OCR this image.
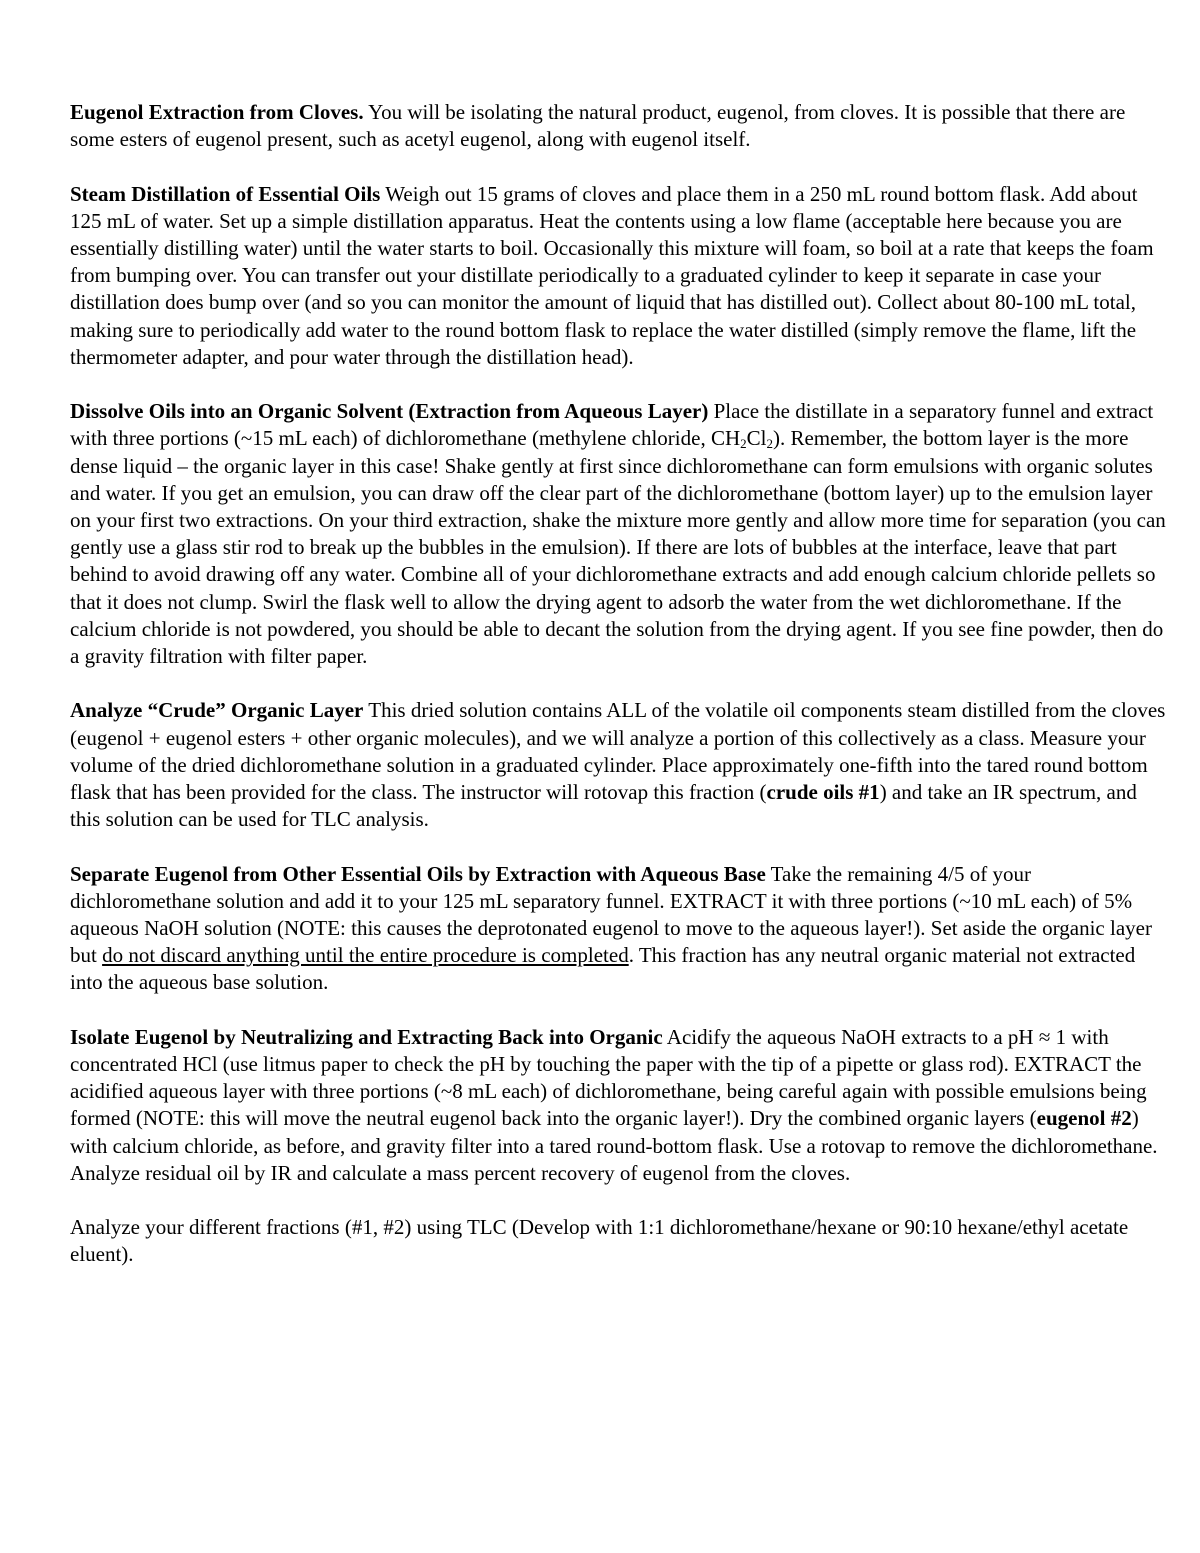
Eugenol Extraction from Cloves. You will be isolating the natural product, eugenol, from cloves. It is possible that there are some esters of eugenol present, such as acetyl eugenol, along with eugenol itself.

Steam Distillation of Essential Oils Weigh out 15 grams of cloves and place them in a 250 mL round bottom flask. Add about 125 mL of water. Set up a simple distillation apparatus. Heat the contents using a low flame (acceptable here because you are essentially distilling water) until the water starts to boil. Occasionally this mixture will foam, so boil at a rate that keeps the foam from bumping over. You can transfer out your distillate periodically to a graduated cylinder to keep it separate in case your distillation does bump over (and so you can monitor the amount of liquid that has distilled out). Collect about 80-100 mL total, making sure to periodically add water to the round bottom flask to replace the water distilled (simply remove the flame, lift the thermometer adapter, and pour water through the distillation head).

Dissolve Oils into an Organic Solvent (Extraction from Aqueous Layer) Place the distillate in a separatory funnel and extract with three portions (~15 mL each) of dichloromethane (methylene chloride, $CH_2Cl_2$). Remember, the bottom layer is the more dense liquid – the organic layer in this case! Shake gently at first since dichloromethane can form emulsions with organic solutes and water. If you get an emulsion, you can draw off the clear part of the dichloromethane (bottom layer) up to the emulsion layer on your first two extractions. On your third extraction, shake the mixture more gently and allow more time for separation (you can gently use a glass stir rod to break up the bubbles in the emulsion). If there are lots of bubbles at the interface, leave that part behind to avoid drawing off any water. Combine all of your dichloromethane extracts and add enough calcium chloride pellets so that it does not clump. Swirl the flask well to allow the drying agent to adsorb the water from the wet dichloromethane. If the calcium chloride is not powdered, you should be able to decant the solution from the drying agent. If you see fine powder, then do a gravity filtration with filter paper.

Analyze “Crude” Organic Layer This dried solution contains ALL of the volatile oil components steam distilled from the cloves (eugenol + eugenol esters + other organic molecules), and we will analyze a portion of this collectively as a class. Measure your volume of the dried dichloromethane solution in a graduated cylinder. Place approximately one-fifth into the tared round bottom flask that has been provided for the class. The instructor will rotovap this fraction (crude oils #1) and take an IR spectrum, and this solution can be used for TLC analysis.

Separate Eugenol from Other Essential Oils by Extraction with Aqueous Base Take the remaining 4/5 of your dichloromethane solution and add it to your 125 mL separatory funnel. EXTRACT it with three portions (~10 mL each) of 5% aqueous NaOH solution (NOTE: this causes the deprotonated eugenol to move to the aqueous layer!). Set aside the organic layer but do not discard anything until the entire procedure is completed. This fraction has any neutral organic material not extracted into the aqueous base solution.

Isolate Eugenol by Neutralizing and Extracting Back into Organic Acidify the aqueous NaOH extracts to a pH ≈ 1 with concentrated HCl (use litmus paper to check the pH by touching the paper with the tip of a pipette or glass rod). EXTRACT the acidified aqueous layer with three portions (~8 mL each) of dichloromethane, being careful again with possible emulsions being formed (NOTE: this will move the neutral eugenol back into the organic layer!). Dry the combined organic layers (eugenol #2) with calcium chloride, as before, and gravity filter into a tared round-bottom flask. Use a rotovap to remove the dichloromethane. Analyze residual oil by IR and calculate a mass percent recovery of eugenol from the cloves.

Analyze your different fractions (#1, #2) using TLC (Develop with 1:1 dichloromethane/hexane or 90:10 hexane/ethyl acetate eluent).
